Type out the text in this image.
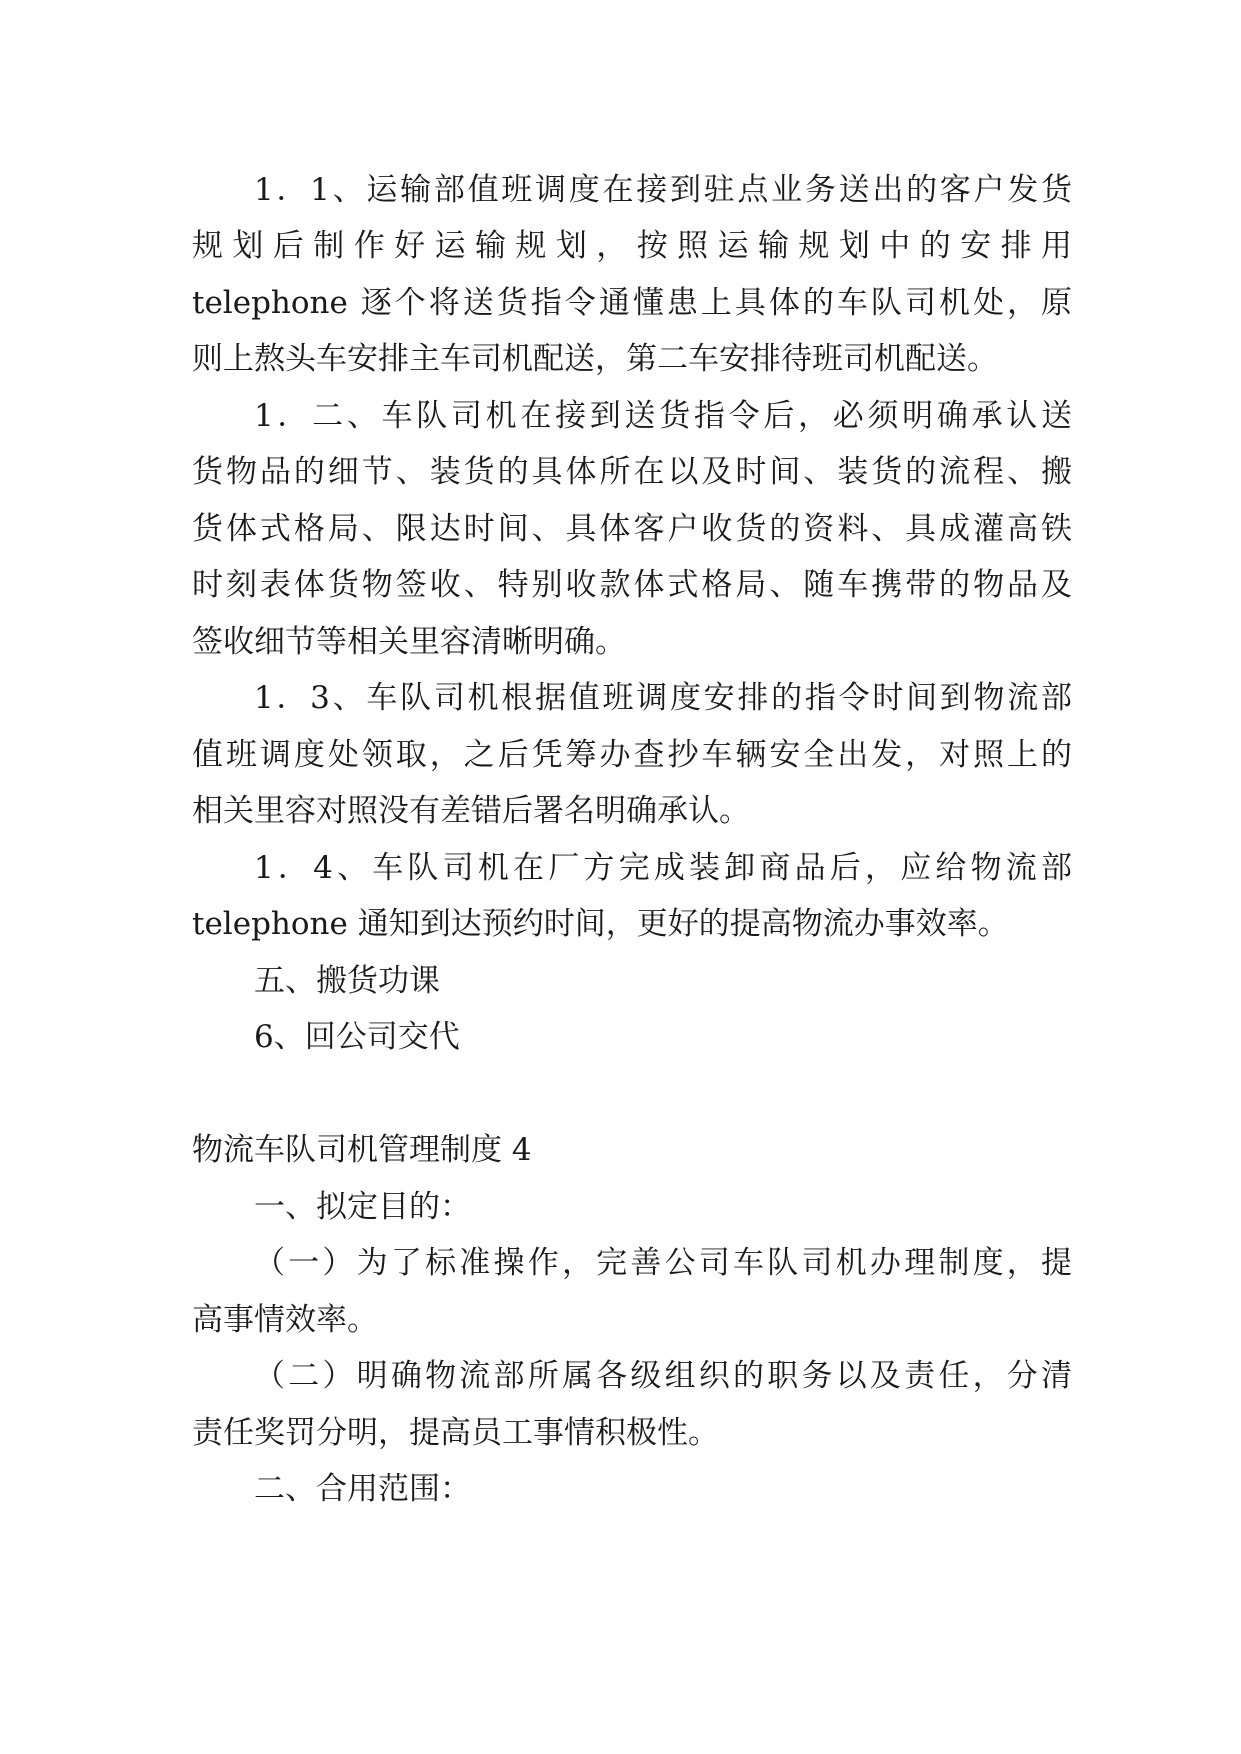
1．1、运输部值班调度在接到驻点业务送出的客户发货
规划后制作好运输规划，按照运输规划中的安排用
telephone 逐个将送货指令通懂患上具体的车队司机处，原
则上熬头车安排主车司机配送，第二车安排待班司机配送。
1．二、车队司机在接到送货指令后，必须明确承认送
货物品的细节、装货的具体所在以及时间、装货的流程、搬
货体式格局、限达时间、具体客户收货的资料、具成灌高铁
时刻表体货物签收、特别收款体式格局、随车携带的物品及
签收细节等相关里容清晰明确。
1．3、车队司机根据值班调度安排的指令时间到物流部
值班调度处领取，之后凭筹办查抄车辆安全出发，对照上的
相关里容对照没有差错后署名明确承认。
1．4、车队司机在厂方完成装卸商品后，应给物流部
telephone 通知到达预约时间，更好的提高物流办事效率。
五、搬货功课
6、回公司交代
物流车队司机管理制度 4
一、拟定目的：
（一）为了标准操作，完善公司车队司机办理制度，提
高事情效率。
（二）明确物流部所属各级组织的职务以及责任，分清
责任奖罚分明，提高员工事情积极性。
二、合用范围：
